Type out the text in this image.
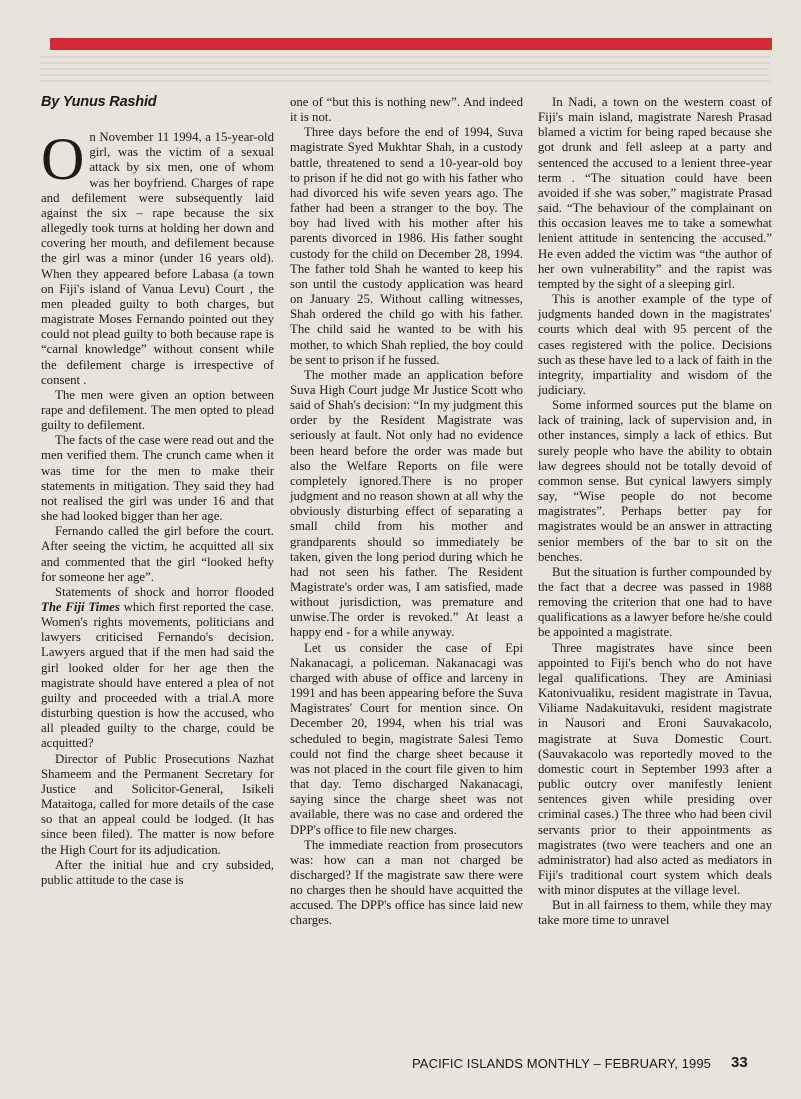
By Yunus Rashid

On November 11 1994, a 15-year-old girl, was the victim of a sexual attack by six men, one of whom was her boyfriend. Charges of rape and defilement were subsequently laid against the six – rape because the six allegedly took turns at holding her down and covering her mouth, and defilement because the girl was a minor (under 16 years old). When they appeared before Labasa (a town on Fiji's island of Vanua Levu) Court , the men pleaded guilty to both charges, but magistrate Moses Fernando pointed out they could not plead guilty to both because rape is “carnal knowledge” without consent while the defilement charge is irrespective of consent .

The men were given an option between rape and defilement. The men opted to plead guilty to defilement.

The facts of the case were read out and the men verified them. The crunch came when it was time for the men to make their statements in mitigation. They said they had not realised the girl was under 16 and that she had looked bigger than her age.

Fernando called the girl before the court. After seeing the victim, he acquitted all six and commented that the girl “looked hefty for someone her age”.

Statements of shock and horror flooded The Fiji Times which first reported the case. Women's rights movements, politicians and lawyers criticised Fernando's decision. Lawyers argued that if the men had said the girl looked older for her age then the magistrate should have entered a plea of not guilty and proceeded with a trial.A more disturbing question is how the accused, who all pleaded guilty to the charge, could be acquitted?

Director of Public Prosecutions Nazhat Shameem and the Permanent Secretary for Justice and Solicitor-General, Isikeli Mataitoga, called for more details of the case so that an appeal could be lodged. (It has since been filed). The matter is now before the High Court for its adjudication.

After the initial hue and cry subsided, public attitude to the case is

one of “but this is nothing new”. And indeed it is not.

Three days before the end of 1994, Suva magistrate Syed Mukhtar Shah, in a custody battle, threatened to send a 10-year-old boy to prison if he did not go with his father who had divorced his wife seven years ago. The father had been a stranger to the boy. The boy had lived with his mother after his parents divorced in 1986. His father sought custody for the child on December 28, 1994. The father told Shah he wanted to keep his son until the custody application was heard on January 25. Without calling witnesses, Shah ordered the child go with his father. The child said he wanted to be with his mother, to which Shah replied, the boy could be sent to prison if he fussed.

The mother made an application before Suva High Court judge Mr Justice Scott who said of Shah's decision: “In my judgment this order by the Resident Magistrate was seriously at fault. Not only had no evidence been heard before the order was made but also the Welfare Reports on file were completely ignored.There is no proper judgment and no reason shown at all why the obviously disturbing effect of separating a small child from his mother and grandparents should so immediately be taken, given the long period during which he had not seen his father. The Resident Magistrate's order was, I am satisfied, made without jurisdiction, was premature and unwise.The order is revoked.” At least a happy end - for a while anyway.

Let us consider the case of Epi Nakanacagi, a policeman. Nakanacagi was charged with abuse of office and larceny in 1991 and has been appearing before the Suva Magistrates' Court for mention since. On December 20, 1994, when his trial was scheduled to begin, magistrate Salesi Temo could not find the charge sheet because it was not placed in the court file given to him that day. Temo discharged Nakanacagi, saying since the charge sheet was not available, there was no case and ordered the DPP's office to file new charges.

The immediate reaction from prosecutors was: how can a man not charged be discharged? If the magistrate saw there were no charges then he should have acquitted the accused. The DPP's office has since laid new charges.

In Nadi, a town on the western coast of Fiji's main island, magistrate Naresh Prasad blamed a victim for being raped because she got drunk and fell asleep at a party and sentenced the accused to a lenient three-year term . “The situation could have been avoided if she was sober,” magistrate Prasad said. “The behaviour of the complainant on this occasion leaves me to take a somewhat lenient attitude in sentencing the accused.” He even added the victim was “the author of her own vulnerability” and the rapist was tempted by the sight of a sleeping girl.

This is another example of the type of judgments handed down in the magistrates' courts which deal with 95 percent of the cases registered with the police. Decisions such as these have led to a lack of faith in the integrity, impartiality and wisdom of the judiciary.

Some informed sources put the blame on lack of training, lack of supervision and, in other instances, simply a lack of ethics. But surely people who have the ability to obtain law degrees should not be totally devoid of common sense. But cynical lawyers simply say, “Wise people do not become magistrates”. Perhaps better pay for magistrates would be an answer in attracting senior members of the bar to sit on the benches.

But the situation is further compounded by the fact that a decree was passed in 1988 removing the criterion that one had to have qualifications as a lawyer before he/she could be appointed a magistrate.

Three magistrates have since been appointed to Fiji's bench who do not have legal qualifications. They are Aminiasi Katonivualiku, resident magistrate in Tavua, Viliame Nadakuitavuki, resident magistrate in Nausori and Eroni Sauvakacolo, magistrate at Suva Domestic Court. (Sauvakacolo was reportedly moved to the domestic court in September 1993 after a public outcry over manifestly lenient sentences given while presiding over criminal cases.) The three who had been civil servants prior to their appointments as magistrates (two were teachers and one an administrator) had also acted as mediators in Fiji's traditional court system which deals with minor disputes at the village level.

But in all fairness to them, while they may take more time to unravel

PACIFIC ISLANDS MONTHLY – FEBRUARY, 1995 33
